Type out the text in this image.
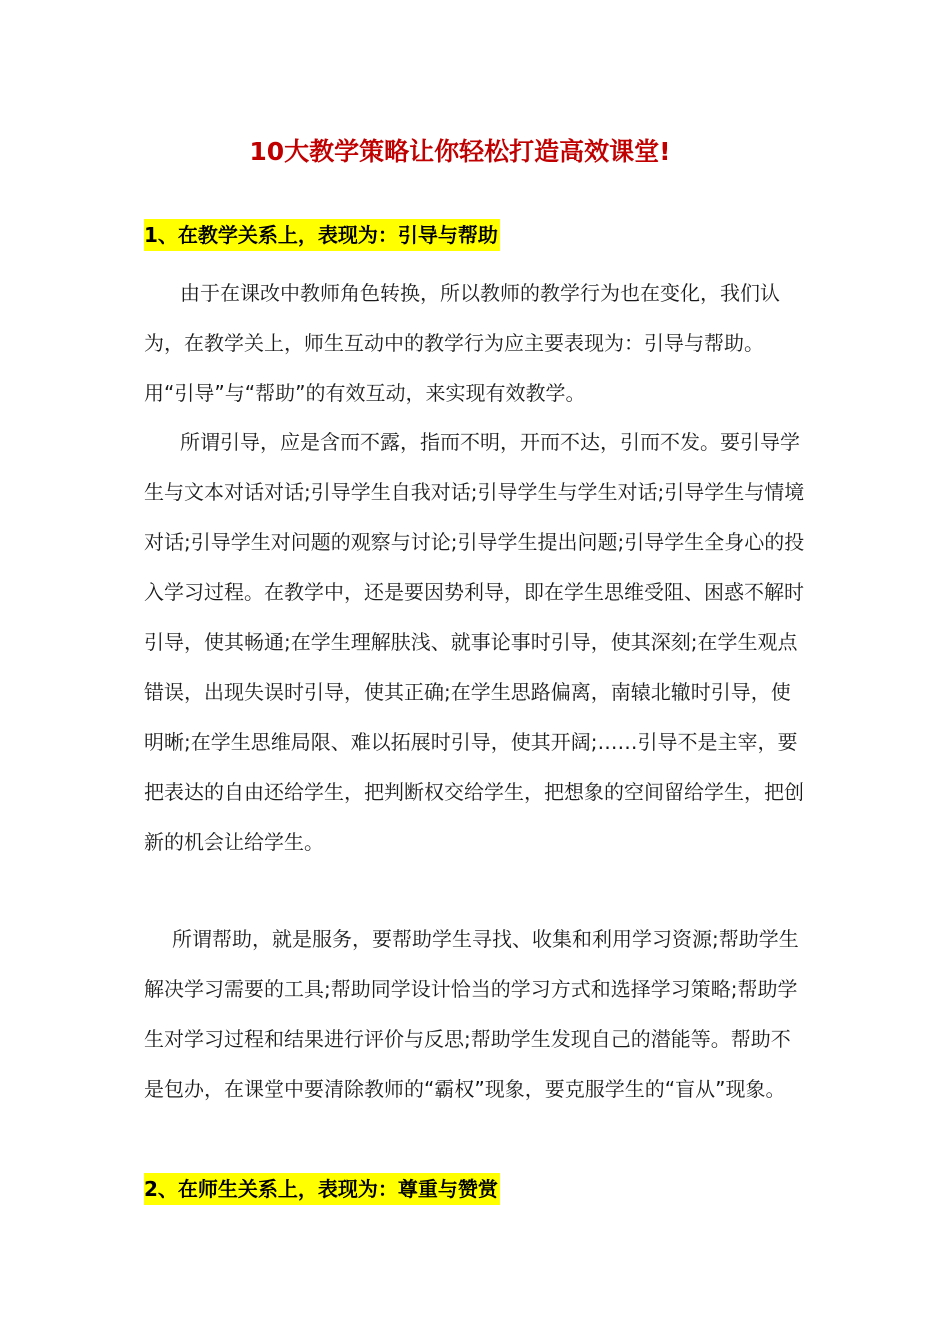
10大教学策略让你轻松打造高效课堂!
1、在教学关系上，表现为：引导与帮助

由于在课改中教师角色转换，所以教师的教学行为也在变化，我们认为，在教学关上，师生互动中的教学行为应主要表现为：引导与帮助。用“引导”与“帮助”的有效互动，来实现有效教学。

所谓引导，应是含而不露，指而不明，开而不达，引而不发。要引导学生与文本对话对话;引导学生自我对话;引导学生与学生对话;引导学生与情境对话;引导学生对问题的观察与讨论;引导学生提出问题;引导学生全身心的投入学习过程。在教学中，还是要因势利导，即在学生思维受阻、困惑不解时引导，使其畅通;在学生理解肤浅、就事论事时引导，使其深刻;在学生观点错误，出现失误时引导，使其正确;在学生思路偏离，南辕北辙时引导，使明晰;在学生思维局限、难以拓展时引导，使其开阔;……引导不是主宰，要把表达的自由还给学生，把判断权交给学生，把想象的空间留给学生，把创新的机会让给学生。

所谓帮助，就是服务，要帮助学生寻找、收集和利用学习资源;帮助学生解决学习需要的工具;帮助同学设计恰当的学习方式和选择学习策略;帮助学生对学习过程和结果进行评价与反思;帮助学生发现自己的潜能等。帮助不是包办，在课堂中要清除教师的“霸权”现象，要克服学生的“盲从”现象。

2、在师生关系上，表现为：尊重与赞赏
